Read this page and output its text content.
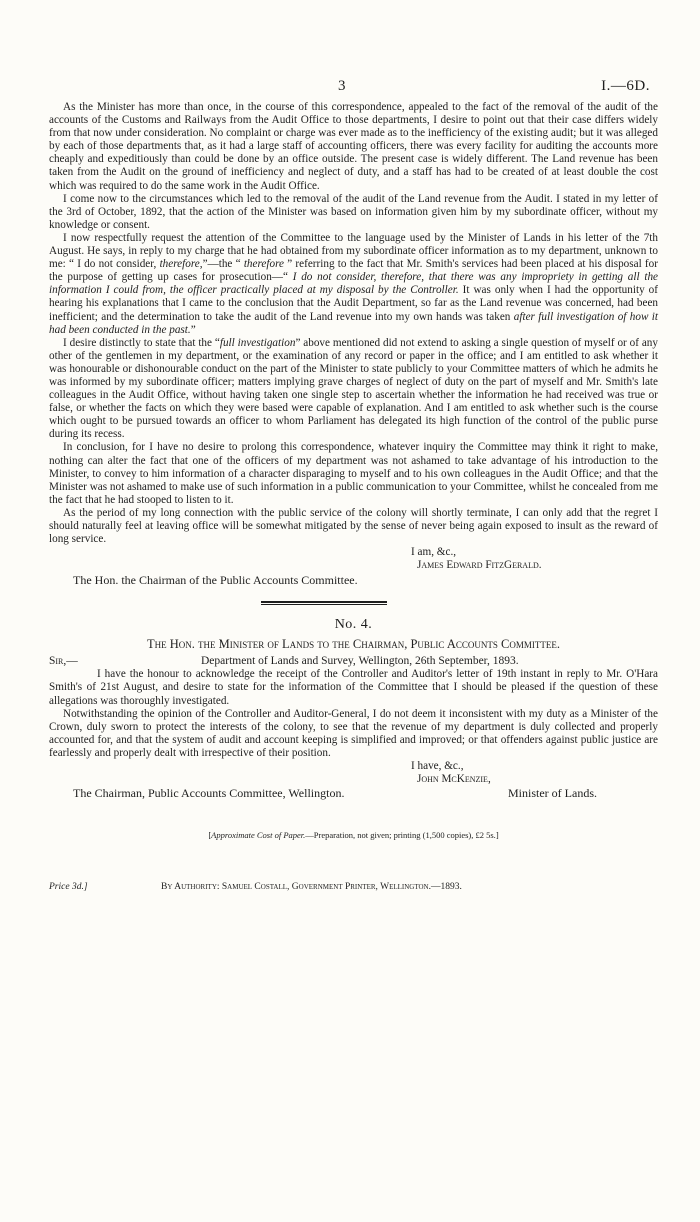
3	I.—6D.

As the Minister has more than once, in the course of this correspondence, appealed to the fact of the removal of the audit of the accounts of the Customs and Railways from the Audit Office to those departments, I desire to point out that their case differs widely from that now under consideration. No complaint or charge was ever made as to the inefficiency of the existing audit; but it was alleged by each of those departments that, as it had a large staff of accounting officers, there was every facility for auditing the accounts more cheaply and expeditiously than could be done by an office outside. The present case is widely different. The Land revenue has been taken from the Audit on the ground of inefficiency and neglect of duty, and a staff has had to be created of at least double the cost which was required to do the same work in the Audit Office.

I come now to the circumstances which led to the removal of the audit of the Land revenue from the Audit. I stated in my letter of the 3rd of October, 1892, that the action of the Minister was based on information given him by my subordinate officer, without my knowledge or consent.

I now respectfully request the attention of the Committee to the language used by the Minister of Lands in his letter of the 7th August. He says, in reply to my charge that he had obtained from my subordinate officer information as to my department, unknown to me: “ I do not consider, therefore,”—the “ therefore ” referring to the fact that Mr. Smith's services had been placed at his disposal for the purpose of getting up cases for prosecution—“ I do not consider, therefore, that there was any impropriety in getting all the information I could from, the officer practically placed at my disposal by the Controller. It was only when I had the opportunity of hearing his explanations that I came to the conclusion that the Audit Department, so far as the Land revenue was concerned, had been inefficient; and the determination to take the audit of the Land revenue into my own hands was taken after full investigation of how it had been conducted in the past.”

I desire distinctly to state that the “full investigation” above mentioned did not extend to asking a single question of myself or of any other of the gentlemen in my department, or the examination of any record or paper in the office; and I am entitled to ask whether it was honourable or dishonourable conduct on the part of the Minister to state publicly to your Committee matters of which he admits he was informed by my subordinate officer; matters implying grave charges of neglect of duty on the part of myself and Mr. Smith's late colleagues in the Audit Office, without having taken one single step to ascertain whether the information he had received was true or false, or whether the facts on which they were based were capable of explanation. And I am entitled to ask whether such is the course which ought to be pursued towards an officer to whom Parliament has delegated its high function of the control of the public purse during its recess.

In conclusion, for I have no desire to prolong this correspondence, whatever inquiry the Committee may think it right to make, nothing can alter the fact that one of the officers of my department was not ashamed to take advantage of his introduction to the Minister, to convey to him information of a character disparaging to myself and to his own colleagues in the Audit Office; and that the Minister was not ashamed to make use of such information in a public communication to your Committee, whilst he concealed from me the fact that he had stooped to listen to it.

As the period of my long connection with the public service of the colony will shortly terminate, I can only add that the regret I should naturally feel at leaving office will be somewhat mitigated by the sense of never being again exposed to insult as the reward of long service.

I am, &c.,
James Edward FitzGerald.
The Hon. the Chairman of the Public Accounts Committee.
No. 4.
The Hon. the Minister of Lands to the Chairman, Public Accounts Committee.
Sir,—	Department of Lands and Survey, Wellington, 26th September, 1893.

I have the honour to acknowledge the receipt of the Controller and Auditor's letter of 19th instant in reply to Mr. O'Hara Smith's of 21st August, and desire to state for the information of the Committee that I should be pleased if the question of these allegations was thoroughly investigated.

Notwithstanding the opinion of the Controller and Auditor-General, I do not deem it inconsistent with my duty as a Minister of the Crown, duly sworn to protect the interests of the colony, to see that the revenue of my department is duly collected and properly accounted for, and that the system of audit and account keeping is simplified and improved; or that offenders against public justice are fearlessly and properly dealt with irrespective of their position.

I have, &c.,
John McKenzie,
The Chairman, Public Accounts Committee, Wellington.	Minister of Lands.
[Approximate Cost of Paper.—Preparation, not given; printing (1,500 copies), £2 5s.]
Price 3d.]	By Authority: Samuel Costall, Government Printer, Wellington.—1893.
